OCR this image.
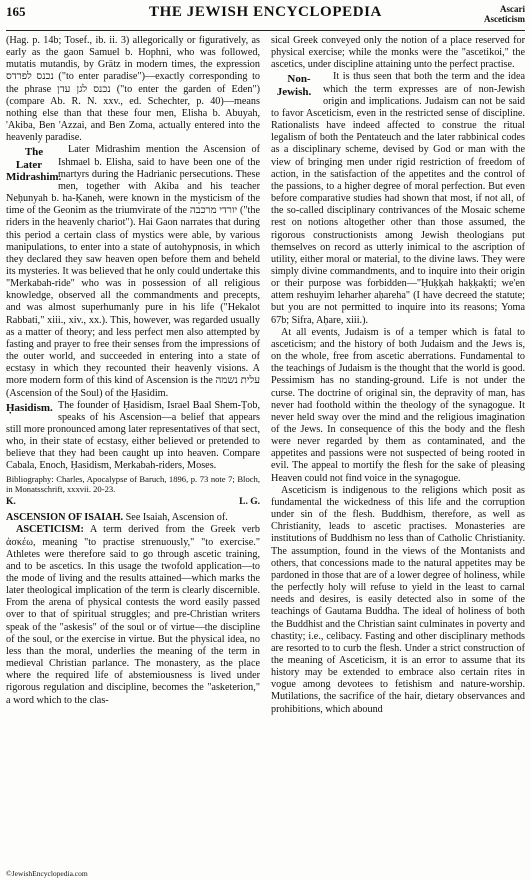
165	THE JEWISH ENCYCLOPEDIA	Ascari
Asceticism

(Hag. p. 14b; Tosef., ib. ii. 3) allegorically or figuratively, as early as the gaon Samuel b. Hophni, who was followed, mutatis mutandis, by Grätz in modern times, the expression נכנס לפרדס ("to enter paradise")—exactly corresponding to the phrase נכנס לגן עדן ("to enter the garden of Eden") (compare Ab. R. N. xxv., ed. Schechter, p. 40)—means nothing else than that these four men, Elisha b. Abuyah, 'Akiba, Ben 'Azzai, and Ben Zoma, actually entered into the heavenly paradise.

The Later Midrashim.
Later Midrashim mention the Ascension of Ishmael b. Elisha, said to have been one of the martyrs during the Hadrianic persecutions. These men, together with Akiba and his teacher Neḥunyah b. ha-Ḳaneh, were known in the mysticism of the time of the Geonim as the triumvirate of the יורדי מרכבה ("the riders in the heavenly chariot"). Hai Gaon narrates that during this period a certain class of mystics were able, by various manipulations, to enter into a state of autohypnosis, in which they declared they saw heaven open before them and beheld its mysteries. It was believed that he only could undertake this "Merkabah-ride" who was in possession of all religious knowledge, observed all the commandments and precepts, and was almost superhumanly pure in his life ("Hekalot Rabbati," xiii., xiv., xx.). This, however, was regarded usually as a matter of theory; and less perfect men also attempted by fasting and prayer to free their senses from the impressions of the outer world, and succeeded in entering into a state of ecstasy in which they recounted their heavenly visions. A more modern form of this kind of Ascension is the עלית נשמה (Ascension of the Soul) of the Ḥasidim.

Ḥasidism. The founder of Ḥasidism, Israel Baal Shem-Ṭob, speaks of his Ascension—a belief that appears still more pronounced among later representatives of that sect, who, in their state of ecstasy, either believed or pretended to believe that they had been caught up into heaven. Compare Cabala, Enoch, Ḥasidism, Merkabah-riders, Moses.

Bibliography: Charles, Apocalypse of Baruch, 1896, p. 73 note 7; Bloch, in Monatsschrift, xxxvii. 20-23.

K.	L. G.

ASCENSION OF ISAIAH. See Isaiah, Ascension of.

ASCETICISM: A term derived from the Greek verb ἀσκέω, meaning "to practise strenuously," "to exercise." Athletes were therefore said to go through ascetic training, and to be ascetics. In this usage the twofold application—to the mode of living and the results attained—which marks the later theological implication of the term is clearly discernible. From the arena of physical contests the word easily passed over to that of spiritual struggles; and pre-Christian writers speak of the "askesis" of the soul or of virtue—the discipline of the soul, or the exercise in virtue. But the physical idea, no less than the moral, underlies the meaning of the term in medieval Christian parlance. The monastery, as the place where the required life of abstemiousness is lived under rigorous regulation and discipline, becomes the "asketerion," a word which to the clas-

sical Greek conveyed only the notion of a place reserved for physical exercise; while the monks were the "ascetikoi," the ascetics, under discipline attaining unto the perfect practise.

Non-Jewish.
It is thus seen that both the term and the idea which the term expresses are of non-Jewish origin and implications. Judaism can not be said to favor Asceticism, even in the restricted sense of discipline. Rationalists have indeed affected to construe the ritual legalism of both the Pentateuch and the later rabbinical codes as a disciplinary scheme, devised by God or man with the view of bringing men under rigid restriction of freedom of action, in the satisfaction of the appetites and the control of the passions, to a higher degree of moral perfection. But even before comparative studies had shown that most, if not all, of the so-called disciplinary contrivances of the Mosaic scheme rest on notions altogether other than those assumed, the rigorous constructionists among Jewish theologians put themselves on record as utterly inimical to the ascription of utility, either moral or material, to the divine laws. They were simply divine commandments, and to inquire into their origin or their purpose was forbidden—"Ḥuḳḳah haḳḳaḳti; we'en attem reshuyim leharher aḥareha" (I have decreed the statute; but you are not permitted to inquire into its reasons; Yoma 67b; Sifra, Aḥare, xiii.).

At all events, Judaism is of a temper which is fatal to asceticism; and the history of both Judaism and the Jews is, on the whole, free from ascetic aberrations. Fundamental to the teachings of Judaism is the thought that the world is good. Pessimism has no standing-ground. Life is not under the curse. The doctrine of original sin, the depravity of man, has never had foothold within the theology of the synagogue. It never held sway over the mind and the religious imagination of the Jews. In consequence of this the body and the flesh were never regarded by them as contaminated, and the appetites and passions were not suspected of being rooted in evil. The appeal to mortify the flesh for the sake of pleasing Heaven could not find voice in the synagogue.

Asceticism is indigenous to the religions which posit as fundamental the wickedness of this life and the corruption under sin of the flesh. Buddhism, therefore, as well as Christianity, leads to ascetic practises. Monasteries are institutions of Buddhism no less than of Catholic Christianity. The assumption, found in the views of the Montanists and others, that concessions made to the natural appetites may be pardoned in those that are of a lower degree of holiness, while the perfectly holy will refuse to yield in the least to carnal needs and desires, is easily detected also in some of the teachings of Gautama Buddha. The ideal of holiness of both the Buddhist and the Christian saint culminates in poverty and chastity; i.e., celibacy. Fasting and other disciplinary methods are resorted to to curb the flesh. Under a strict construction of the meaning of Asceticism, it is an error to assume that its history may be extended to embrace also certain rites in vogue among devotees to fetishism and nature-worship. Mutilations, the sacrifice of the hair, dietary observances and prohibitions, which abound

©JewishEncyclopedia.com
